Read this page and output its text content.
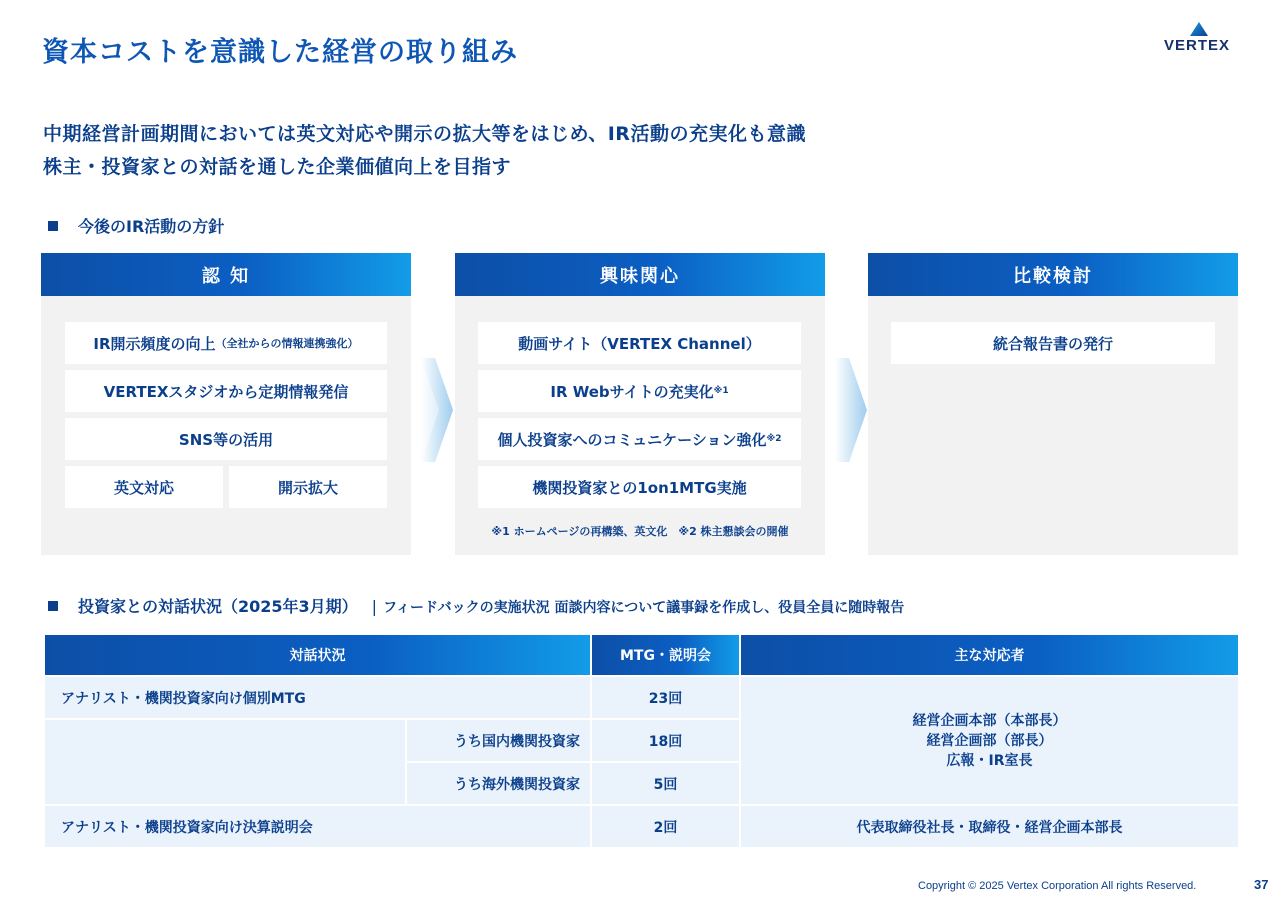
資本コストを意識した経営の取り組み	VERTEX
中期経営計画期間においては英文対応や開示の拡大等をはじめ、IR活動の充実化も意識
株主・投資家との対話を通した企業価値向上を目指す
今後のIR活動の方針
認 知
IR開示頻度の向上 （全社からの情報連携強化）
VERTEXスタジオから定期情報発信
SNS等の活用
英文対応	開示拡大
興味関心
動画サイト（VERTEX Channel）
IR Webサイトの充実化 ※1
個人投資家へのコミュニケーション強化 ※2
機関投資家との1on1MTG実施
※1 ホームページの再構築、英文化　※2 株主懇談会の開催
比較検討
統合報告書の発行
投資家との対話状況（2025年3月期） | フィードバックの実施状況 面談内容について議事録を作成し、役員全員に随時報告
対話状況		MTG・説明会	主な対応者
アナリスト・機関投資家向け個別MTG		23回	経営企画本部（本部長）
経営企画部（部長）
広報・IR室長

	うち国内機関投資家	18回	
	うち海外機関投資家	5回	
アナリスト・機関投資家向け決算説明会		2回	代表取締役社長・取締役・経営企画本部長
Copyright © 2025 Vertex Corporation All rights Reserved.	37
